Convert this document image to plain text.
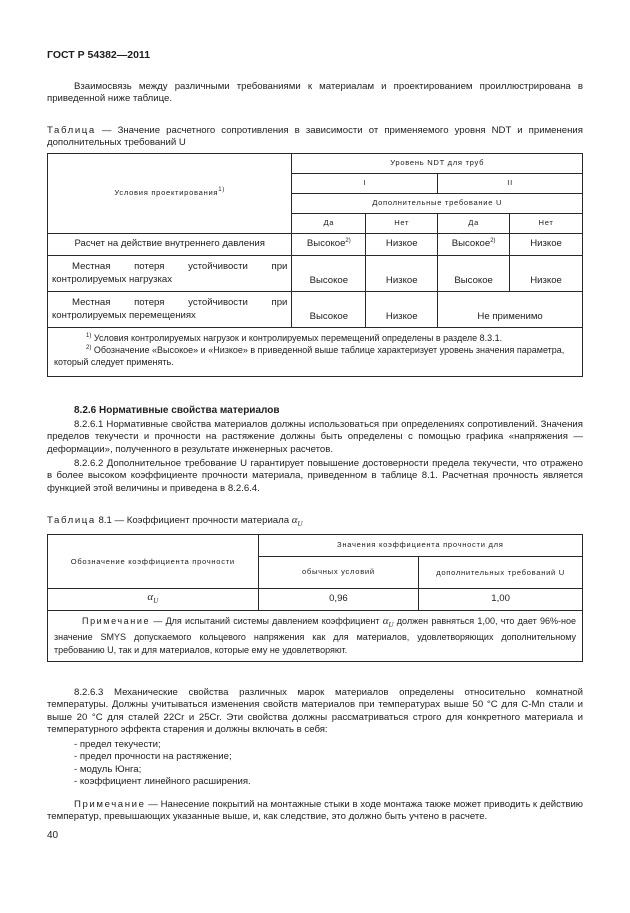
ГОСТ Р 54382—2011
Взаимосвязь между различными требованиями к материалам и проектированием проиллюстрирована в приведенной ниже таблице.
Таблица — Значение расчетного сопротивления в зависимости от применяемого уровня NDT и применения дополнительных требований U
Условия проектирования$^{1)}$	Уровень NDT для труб			
	I		II	
	Дополнительные требование U			
	Да	Нет	Да	Нет
Расчет на действие внутреннего давления	Высокое$^{2)}$	Низкое	Высокое$^{2)}$	Низкое
Местная потеря устойчивости при контролируемых нагрузках	Высокое	Низкое	Высокое	Низкое
Местная потеря устойчивости при контролируемых перемещениях	Высокое	Низкое	Не применимо	

$^{1)}$ Условия контролируемых нагрузок и контролируемых перемещений определены в разделе 8.3.1.
$^{2)}$ Обозначение «Высокое» и «Низкое» в приведенной выше таблице характеризует уровень значения параметра, который следует применять.				
8.2.6 Нормативные свойства материалов
8.2.6.1 Нормативные свойства материалов должны использоваться при определениях сопротивлений. Значения пределов текучести и прочности на растяжение должны быть определены с помощью графика «напряжения — деформации», полученного в результате инженерных расчетов.
8.2.6.2 Дополнительное требование U гарантирует повышение достоверности предела текучести, что отражено в более высоком коэффициенте прочности материала, приведенном в таблице 8.1. Расчетная прочность является функцией этой величины и приведена в 8.2.6.4.
Таблица 8.1 — Коэффициент прочности материала $\alpha_U$
Обозначение коэффициента прочности	Значения коэффициента прочности для	
	обычных условий	дополнительных требований U
$\alpha_U$	0,96	1,00
Примечание — Для испытаний системы давлением коэффициент $\alpha_U$ должен равняться 1,00, что дает 96%-ное значение SMYS допускаемого кольцевого напряжения как для материалов, удовлетворяющих дополнительному требованию U, так и для материалов, которые ему не удовлетворяют.		
8.2.6.3 Механические свойства различных марок материалов определены относительно комнатной температуры. Должны учитываться изменения свойств материалов при температурах выше 50 °С для C-Mn стали и выше 20 °С для сталей 22Cr и 25Cr. Эти свойства должны рассматриваться строго для конкретного материала и температурного эффекта старения и должны включать в себя:
- предел текучести;
- предел прочности на растяжение;
- модуль Юнга;
- коэффициент линейного расширения.
Примечание — Нанесение покрытий на монтажные стыки в ходе монтажа также может приводить к действию температур, превышающих указанные выше, и, как следствие, это должно быть учтено в расчете.
40
